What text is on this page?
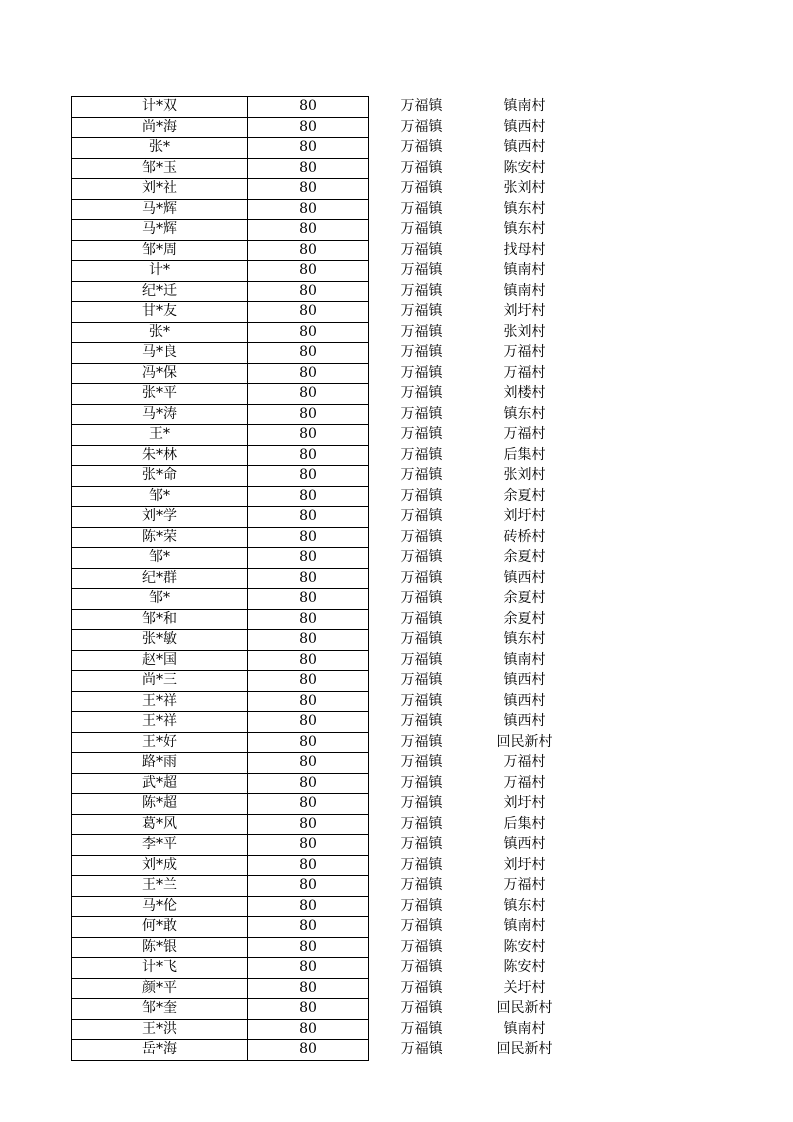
计*双	80	万福镇	镇南村
尚*海	80	万福镇	镇西村
张*	80	万福镇	镇西村
邹*玉	80	万福镇	陈安村
刘*社	80	万福镇	张刘村
马*辉	80	万福镇	镇东村
马*辉	80	万福镇	镇东村
邹*周	80	万福镇	找母村
计*	80	万福镇	镇南村
纪*迁	80	万福镇	镇南村
甘*友	80	万福镇	刘圩村
张*	80	万福镇	张刘村
马*良	80	万福镇	万福村
冯*保	80	万福镇	万福村
张*平	80	万福镇	刘楼村
马*涛	80	万福镇	镇东村
王*	80	万福镇	万福村
朱*林	80	万福镇	后集村
张*命	80	万福镇	张刘村
邹*	80	万福镇	余夏村
刘*学	80	万福镇	刘圩村
陈*荣	80	万福镇	砖桥村
邹*	80	万福镇	余夏村
纪*群	80	万福镇	镇西村
邹*	80	万福镇	余夏村
邹*和	80	万福镇	余夏村
张*敏	80	万福镇	镇东村
赵*国	80	万福镇	镇南村
尚*三	80	万福镇	镇西村
王*祥	80	万福镇	镇西村
王*祥	80	万福镇	镇西村
王*好	80	万福镇	回民新村
路*雨	80	万福镇	万福村
武*超	80	万福镇	万福村
陈*超	80	万福镇	刘圩村
葛*风	80	万福镇	后集村
李*平	80	万福镇	镇西村
刘*成	80	万福镇	刘圩村
王*兰	80	万福镇	万福村
马*伦	80	万福镇	镇东村
何*敢	80	万福镇	镇南村
陈*银	80	万福镇	陈安村
计*飞	80	万福镇	陈安村
颜*平	80	万福镇	关圩村
邹*奎	80	万福镇	回民新村
王*洪	80	万福镇	镇南村
岳*海	80	万福镇	回民新村
